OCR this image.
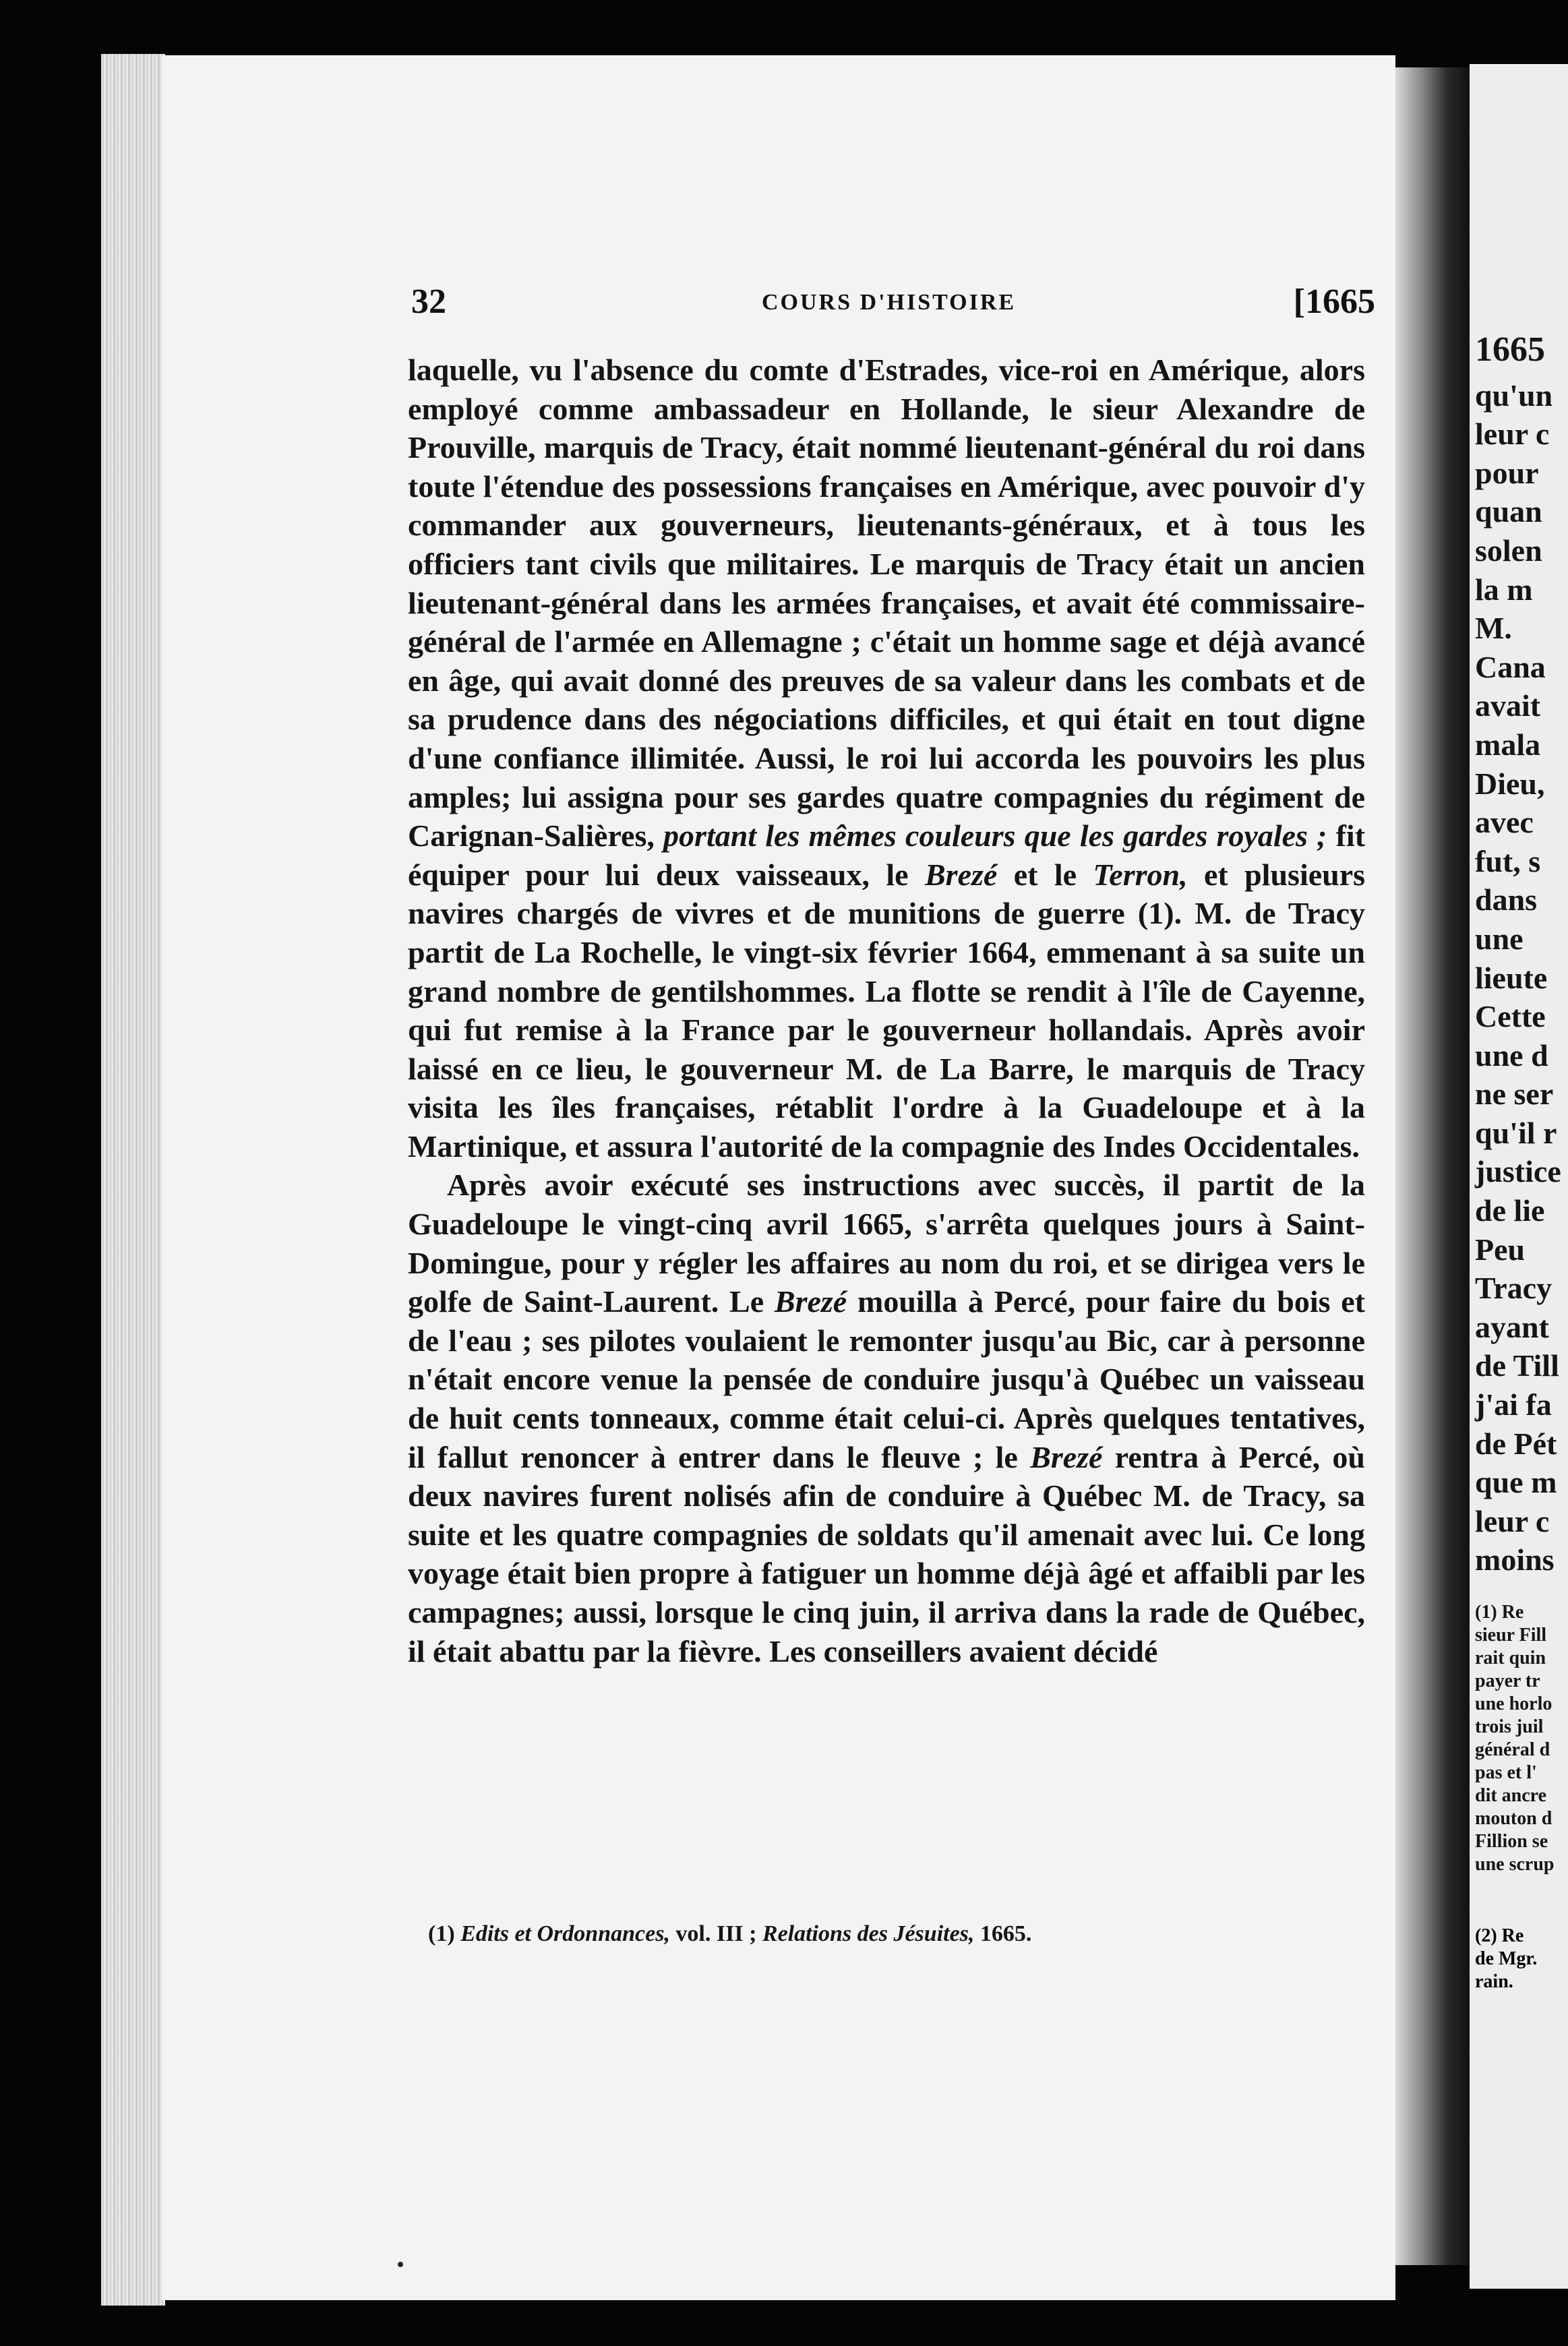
1665
qu'un
leur c
pour
quan
solen
la m
M.
Cana
avait
mala
Dieu,
avec
fut, s
dans
une
lieute
Cette
une d
ne ser
qu'il r
justice
de lie
Peu
Tracy
ayant
de Till
j'ai fa
de Pét
que m
leur c
moins
(1) Re
sieur Fill
rait quin
payer tr
une horlo
trois juil
général d
pas et l'
dit ancre
mouton d
Fillion se
une scrup
(2) Re
de Mgr.
rain.
32	COURS D'HISTOIRE	[1665

laquelle, vu l'absence du comte d'Estrades, vice-roi en Amérique, alors employé comme ambassadeur en Hollande, le sieur Alexandre de Prouville, marquis de Tracy, était nommé lieutenant-général du roi dans toute l'étendue des possessions françaises en Amérique, avec pouvoir d'y commander aux gouverneurs, lieutenants-généraux, et à tous les officiers tant civils que militaires. Le marquis de Tracy était un ancien lieutenant-général dans les armées françaises, et avait été commissaire-général de l'armée en Allemagne ; c'était un homme sage et déjà avancé en âge, qui avait donné des preuves de sa valeur dans les combats et de sa prudence dans des négociations difficiles, et qui était en tout digne d'une confiance illimitée. Aussi, le roi lui accorda les pouvoirs les plus amples; lui assigna pour ses gardes quatre compagnies du régiment de Carignan-Salières, portant les mêmes couleurs que les gardes royales ; fit équiper pour lui deux vaisseaux, le Brezé et le Terron, et plusieurs navires chargés de vivres et de munitions de guerre (1). M. de Tracy partit de La Rochelle, le vingt-six février 1664, emmenant à sa suite un grand nombre de gentilshommes. La flotte se rendit à l'île de Cayenne, qui fut remise à la France par le gouverneur hollandais. Après avoir laissé en ce lieu, le gouverneur M. de La Barre, le marquis de Tracy visita les îles françaises, rétablit l'ordre à la Guadeloupe et à la Martinique, et assura l'autorité de la compagnie des Indes Occidentales.

Après avoir exécuté ses instructions avec succès, il partit de la Guadeloupe le vingt-cinq avril 1665, s'arrêta quelques jours à Saint-Domingue, pour y régler les affaires au nom du roi, et se dirigea vers le golfe de Saint-Laurent. Le Brezé mouilla à Percé, pour faire du bois et de l'eau ; ses pilotes voulaient le remonter jusqu'au Bic, car à personne n'était encore venue la pensée de conduire jusqu'à Québec un vaisseau de huit cents tonneaux, comme était celui-ci. Après quelques tentatives, il fallut renoncer à entrer dans le fleuve ; le Brezé rentra à Percé, où deux navires furent nolisés afin de conduire à Québec M. de Tracy, sa suite et les quatre compagnies de soldats qu'il amenait avec lui. Ce long voyage était bien propre à fatiguer un homme déjà âgé et affaibli par les campagnes; aussi, lorsque le cinq juin, il arriva dans la rade de Québec, il était abattu par la fièvre. Les conseillers avaient décidé

(1) Edits et Ordonnances, vol. III ; Relations des Jésuites, 1665.
